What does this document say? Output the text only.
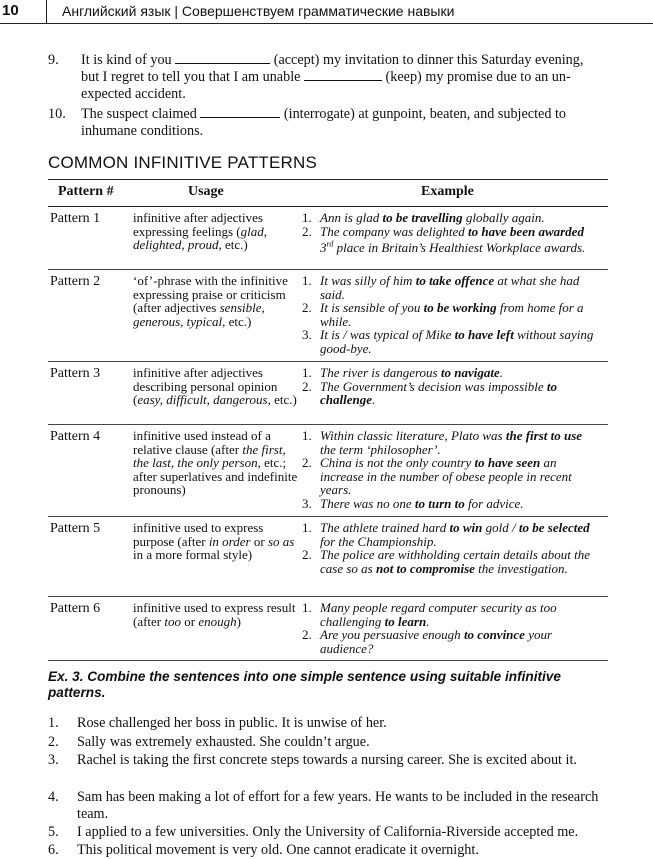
10	Английский язык | Совершенствуем грамматические навыки
9. It is kind of you	(accept) my invitation to dinner this Saturday evening,
but I regret to tell you that I am unable	(keep) my promise due to an un-
expected accident.
10. The suspect claimed	(interrogate) at gunpoint, beaten, and subjected to
inhumane conditions.
COMMON INFINITIVE PATTERNS
Pattern #	Usage	Example
Pattern 1	infinitive after adjectives expressing feelings (glad, delighted, proud, etc.)
1. Ann is glad to be travelling globally again.
2. The company was delighted to have been awarded 3rd place in Britain’s Healthiest Workplace awards.
Pattern 2	‘of’-phrase with the infinitive expressing praise or criticism (after adjectives sensible, generous, typical, etc.)
1. It was silly of him to take offence at what she had said.
2. It is sensible of you to be working from home for a while.
3. It is / was typical of Mike to have left without saying good-bye.
Pattern 3	infinitive after adjectives describing personal opinion (easy, difficult, dangerous, etc.)
1. The river is dangerous to navigate.
2. The Government’s decision was impossible to challenge.
Pattern 4	infinitive used instead of a relative clause (after the first, the last, the only person, etc.; after superlatives and indefinite pronouns)
1. Within classic literature, Plato was the first to use the term ‘philosopher’.
2. China is not the only country to have seen an increase in the number of obese people in recent years.
3. There was no one to turn to for advice.
Pattern 5	infinitive used to express purpose (after in order or so as in a more formal style)
1. The athlete trained hard to win gold / to be selected for the Championship.
2. The police are withholding certain details about the case so as not to compromise the investigation.
Pattern 6	infinitive used to express result (after too or enough)
1. Many people regard computer security as too challenging to learn.
2. Are you persuasive enough to convince your audience?
Ex. 3. Combine the sentences into one simple sentence using suitable infinitive patterns.
1. Rose challenged her boss in public. It is unwise of her.
2. Sally was extremely exhausted. She couldn’t argue.
3. Rachel is taking the first concrete steps towards a nursing career. She is excited about it.
4. Sam has been making a lot of effort for a few years. He wants to be included in the research team.
5. I applied to a few universities. Only the University of California-Riverside accepted me.
6. This political movement is very old. One cannot eradicate it overnight.
